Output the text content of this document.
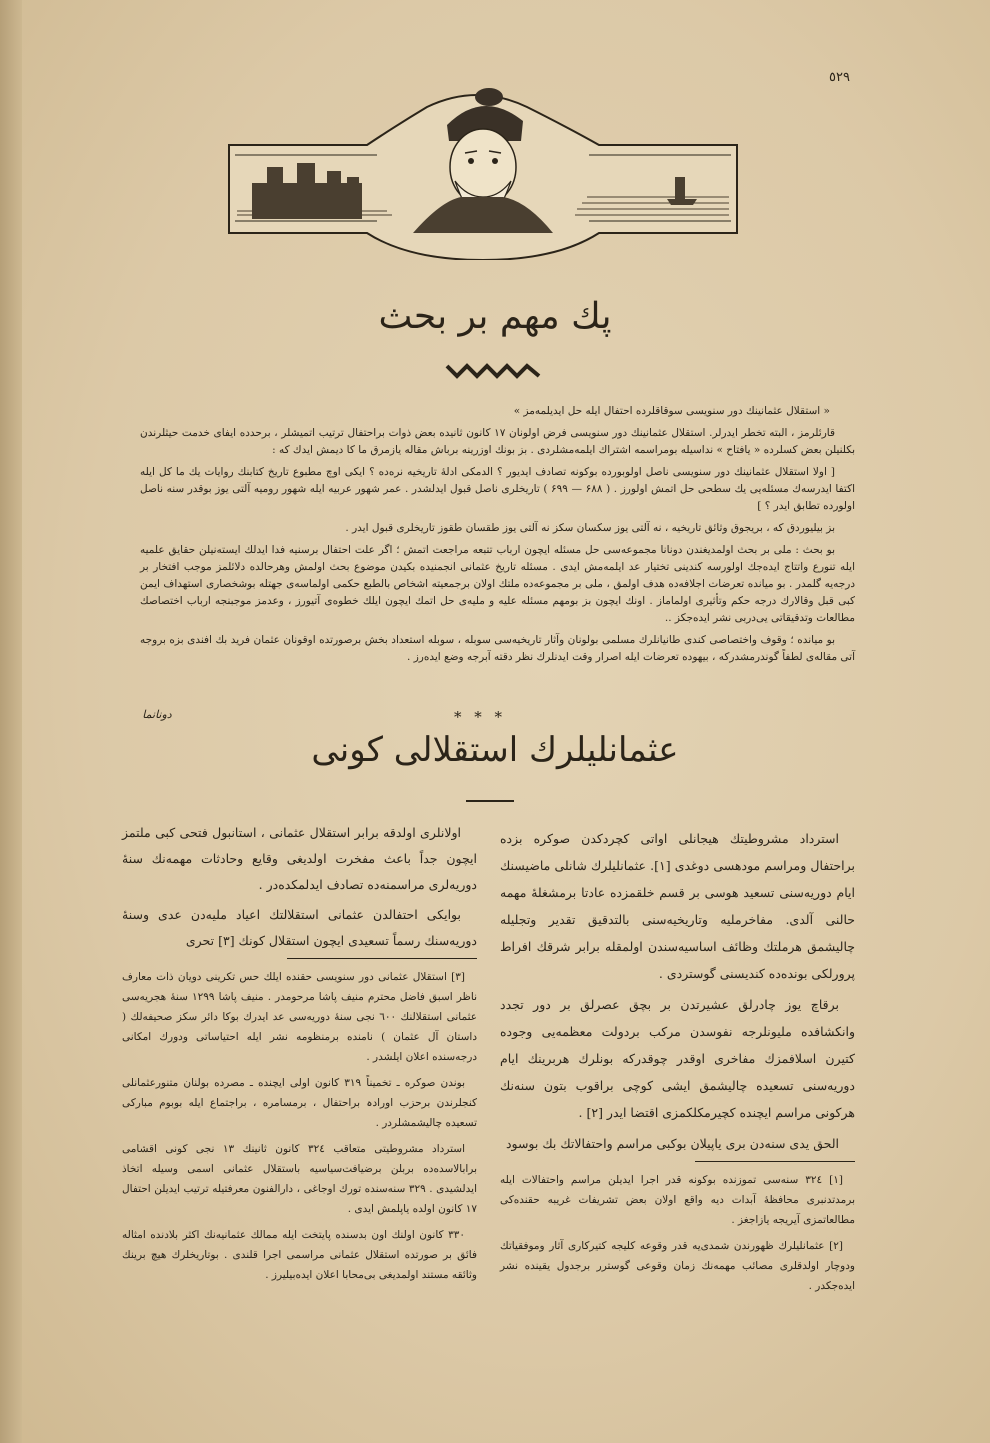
٥٢٩
پك مهم بر بحث
« استقلال عثمانینك دور سنویسی سوقاقلرده احتفال ایله حل ایدیلمه‌مز »

قارئلرمز ، البته تخطر ایدرلر. استقلال عثمانینك دور سنویسی فرض اولونان ۱۷ کانون ثانیده بعض ذوات براحتفال ترتیب اتمیشلر ، برحدده ایفای خدمت حیثلرندن بکلنیلن بعض کسلرده « یافتاح » نداسیله بومراسمه اشتراك ایلمه‌مشلردی . بز بونك اوزرینه برباش مقاله یازمرق ما کا دیمش ایدك که :

[ اولا استقلال عثمانینك دور سنویسی ناصل اولوبورده بوکونه تصادف ایدیور ؟ الدمکی ادلهٔ تاریخیه نره‌ده ؟ ایکی اوچ مطبوع تاریخ کتابنك روایات یك ما کل ایله اکتفا ایدرسه‌ك مسئله‌یی یك سطحی حل اتمش اولورز . ( ۶۸۸ — ۶۹۹ ) تاریخلری ناصل قبول ایدلشدر . عمر شهور عربیه ایله شهور رومیه آلتی یوز بوقدر سنه ناصل اولورده تطابق ایدر ؟ ]

بز بیلیوردق که ، بریجوق وثائق تاریخیه ، نه آلتی یوز سکسان سکز نه آلتی یوز طقسان طقوز تاریخلری قبول ایدر .

بو بحث : ملی بر بحث اولمدیغندن دونانا مجموعه‌سی حل مسئله ایچون ارباب تتبعه مراجعت اتمش ؛ اگر علت احتفال برسنیه فدا ایدلك ایسته‌نیلن حقایق علمیه ایله تنورع واتتاج ایده‌جك اولورسه کندینی تختیار عد ایلمه‌مش ایدی . مسئله تاریخ عثمانی انجمنیده بکیدن موضوع بحث اولمش وهرحالده دلائلمز موجب افتخار بر درجه‌یه گلمدر . بو میانده تعرضات اجلافه‌ده هدف اولمق ، ملی بر مجموعه‌ده ملتك اولان برجمعیته اشخاص بالطبع حکمی اولماسه‌ی جهتله بوشخصاری استهداف ایمن کبی قبل وقالارك درجه حکم وتأثیری اولماماز . اونك ایچون بز بومهم مسئله علیه و ملیه‌ی حل اتمك ایچون ایلك خطوه‌ی آتیورز ، وعدمز موجبنجه ارباب اختصاصك مطالعات وتدقیقاتی یی‌دربی نشر ایده‌جکز ..

بو میانده ؛ وقوف واختصاصی کندی طانیانلرك مسلمی بولونان وآثار تاریخیه‌سی سوبله ، سوبله استعداد بخش برصورتده اوقونان عثمان فرید بك افندی بزه بروجه آتی مقاله‌ی لطفاً گوندرمشدرکه ، بیهوده تعرضات ایله اصرار وقت ایدنلرك نظر دقته آبرجه وضع ایده‌رز .

دونانما	* * *
عثمانلیلرك استقلالی كونی

استرداد مشروطیتك هیجانلی اواتی کچردکدن صوکره بزده براحتفال ومراسم مودهسی دوغدی [۱]. عثمانلیلرك شانلی ماضیسنك ایام دوریه‌سنی تسعید هوسی بر قسم خلقمزده عادتا برمشغلهٔ مهمه حالنی آلدی. مفاخرملیه وتاریخیه‌سنی بالتدقیق تقدیر وتجلیله چالیشمق هرملتك وظائف اساسیه‌سندن اولمقله برابر شرقك افراط پرورلکی بونده‌ده کندیسنی گوستردی .

برقاچ یوز چادرلق عشیرتدن بر بچق عصرلق بر دور تجدد وانکشافده ملیونلرجه نفوسدن مرکب بردولت معظمه‌یی وجوده کتیرن اسلافمزك مفاخری اوقدر چوقدرکه بونلرك هربرینك ایام دوریه‌سنی تسعیده چالیشمق ایشی کوچی براقوب بتون سنه‌نك هرکونی مراسم ایچنده کچیرمکلکمزی اقتضا ایدر [۲] .

الحق یدی سنه‌دن بری یاپیلان بوکبی مراسم واحتفالاتك بك بوسود

[۱] ۳۲٤ سنه‌سی تموزنده بوکونه قدر اجرا ایدیلن مراسم واحتفالات ایله برمدتدنبری محافظهٔ آبدات دیه واقع اولان بعض تشریفات غریبه حقنده‌کی مطالعاتمزی آیریجه یازاجغز .

[۲] عثمانلیلرك ظهورندن شمدی‌یه قدر وقوعه کلیجه کتیرکاری آثار وموفقیاتك ودوچار اولدقلری مصائب مهمه‌نك زمان وقوعی گوسترر برجدول یقینده نشر ایده‌جکدر .

اولانلری اولدقه برابر استقلال عثمانی ، استانبول فتحی کبی ملتمز ایچون جداً باعث مفخرت اولدیغی وقایع وحادثات مهمه‌نك سنهٔ دوریه‌لری مراسمنه‌ده تصادف ایدلمکده‌در .

بوایکی احتفالدن عثمانی استقلالتك اعیاد ملیه‌دن عدی وسنهٔ دوریه‌سنك رسماً تسعیدی ایچون استقلال کونك [۳] تحری

[۳] استقلال عثمانی دور سنویسی حقنده ایلك حس تکرینی دویان ذات معارف ناظر اسبق فاضل محترم منیف پاشا مرحومدر . منیف پاشا ۱۲۹۹ سنهٔ هجریه‌سی عثمانی استقلالنك ٦۰۰ نجی سنهٔ دوریه‌سی عد ایدرك بوكا دائر سكز صحیفه‌لك ( داستان آل عثمان ) نامنده برمنظومه نشر ایله احتیاساتی ودورك امکانی درجه‌سنده اعلان ایلشدر .

بوندن صوکره ـ تخمیناً ۳۱۹ کانون اولی ایچنده ـ مصرده بولنان متنورعثمانلی کنجلرندن برحزب اورادہ براحتفال ، برمسامره ، براجتماع ایله بوبوم مبارکی تسعیده چالیشمشلردر .

استرداد مشروطیتی متعاقب ۳۲٤ کانون ثانینك ۱۳ نجی کونی اقشامی برابالاسده‌ده بربلن برضیافت‌سیاسیه باستقلال عثمانی اسمی وسیله اتخاذ ایدلشیدی . ۳۲۹ سنه‌سنده تورك اوجاغی ، دارالفنون معرفتیله ترتیب ایدیلن احتفال ۱۷ کانون اولده یاپلمش ایدی .

۳۳۰ کانون اولنك اون بدسنده پایتخت ایله ممالك عثمانیه‌نك اکثر بلادنده امثاله فائق بر صورتده استقلال عثمانی مراسمی اجرا قلندی . بوتاریخلرك هیچ برینك وثائقه مستند اولمدیغی بی‌محابا اعلان ایده‌بیلیرز .
